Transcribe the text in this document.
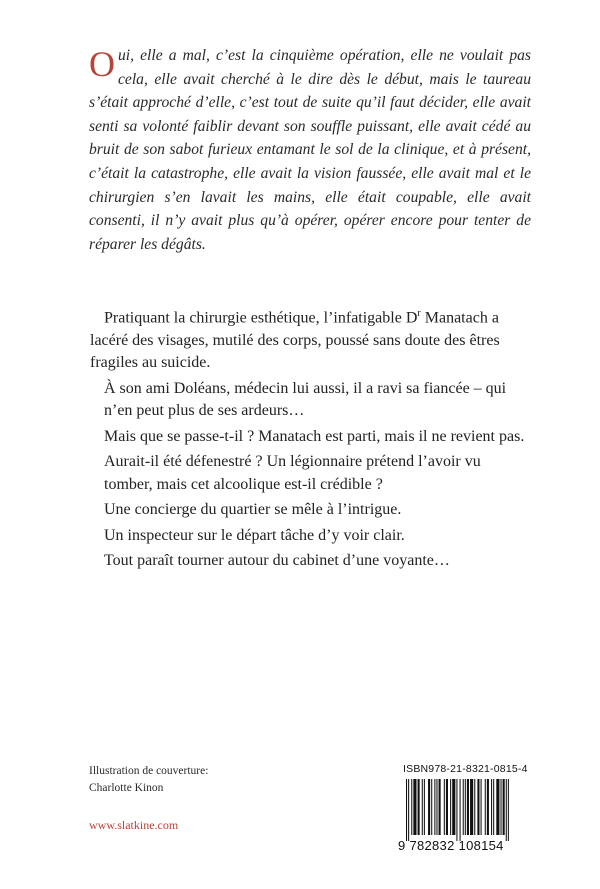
Oui, elle a mal, c’est la cinquième opération, elle ne voulait pas cela, elle avait cherché à le dire dès le début, mais le taureau s’était approché d’elle, c’est tout de suite qu’il faut décider, elle avait senti sa volonté faiblir devant son souffle puissant, elle avait cédé au bruit de son sabot furieux entamant le sol de la clinique, et à présent, c’était la catastrophe, elle avait la vision faussée, elle avait mal et le chirurgien s’en lavait les mains, elle était coupable, elle avait consenti, il n’y avait plus qu’à opérer, opérer encore pour tenter de réparer les dégâts.

Pratiquant la chirurgie esthétique, l’infatigable $D^r$ Manatach a lacéré des visages, mutilé des corps, poussé sans doute des êtres fragiles au suicide.

À son ami Doléans, médecin lui aussi, il a ravi sa fiancée – qui n’en peut plus de ses ardeurs…

Mais que se passe-t-il ? Manatach est parti, mais il ne revient pas.

Aurait-il été défenestré ? Un légionnaire prétend l’avoir vu tomber, mais cet alcoolique est-il crédible ?

Une concierge du quartier se mêle à l’intrigue.

Un inspecteur sur le départ tâche d’y voir clair.

Tout paraît tourner autour du cabinet d’une voyante…

Illustration de couverture:
Charlotte Kinon
www.slatkine.com
ISBN978-21-8321-0815-4
9 782832 108154
